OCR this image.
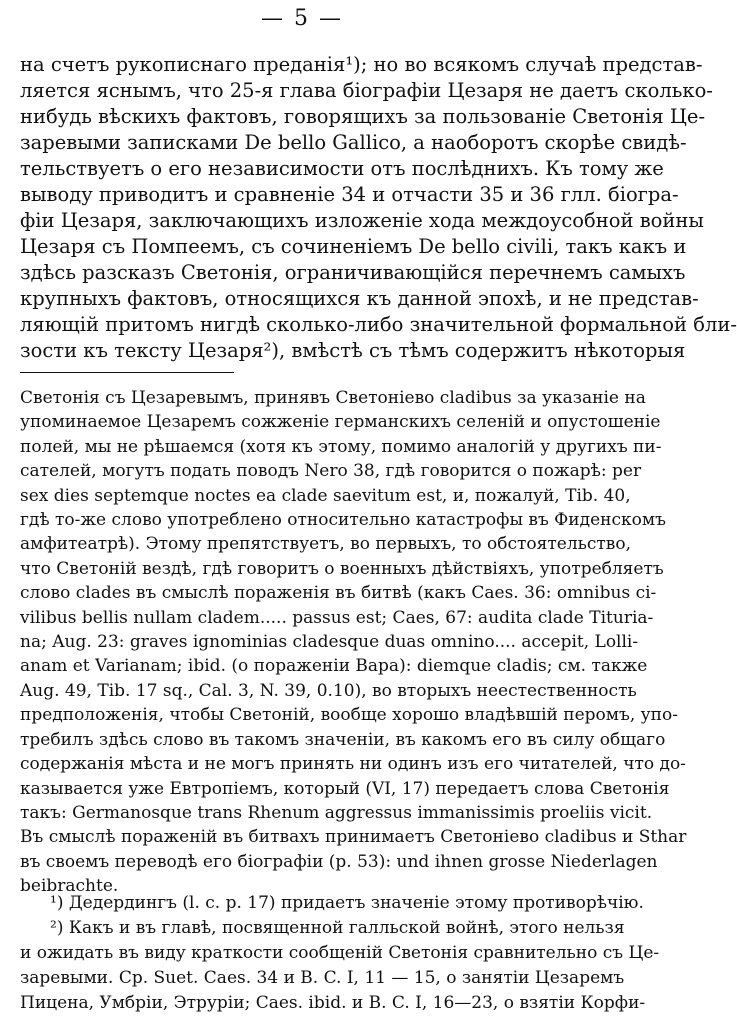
— 5 —
на счетъ рукописнаго преданія¹); но во всякомъ случаѣ представ-
ляется яснымъ, что 25-я глава біографіи Цезаря не даетъ сколько-
нибудь вѣскихъ фактовъ, говорящихъ за пользованіе Светонія Це-
заревыми записками De bello Gallico, а наоборотъ скорѣе свидѣ-
тельствуетъ о его независимости отъ послѣднихъ. Къ тому же
выводу приводитъ и сравненіе 34 и отчасти 35 и 36 глл. біогра-
фіи Цезаря, заключающихъ изложеніе хода междоусобной войны
Цезаря съ Помпеемъ, съ сочиненіемъ De bello civili, такъ какъ и
здѣсь разсказъ Светонія, ограничивающійся перечнемъ самыхъ
крупныхъ фактовъ, относящихся къ данной эпохѣ, и не представ-
ляющій притомъ нигдѣ сколько-либо значительной формальной бли-
зости къ тексту Цезаря²), вмѣстѣ съ тѣмъ содержитъ нѣкоторыя
Светонія съ Цезаревымъ, принявъ Светоніево cladibus за указаніе на
упоминаемое Цезаремъ сожженіе германскихъ селеній и опустошеніе
полей, мы не рѣшаемся (хотя къ этому, помимо аналогій у другихъ пи-
сателей, могутъ подать поводъ Nero 38, гдѣ говорится о пожарѣ: per
sex dies septemque noctes ea clade saevitum est, и, пожалуй, Tib. 40,
гдѣ то-же слово употреблено относительно катастрофы въ Фиденскомъ
амфитеатрѣ). Этому препятствуетъ, во первыхъ, то обстоятельство,
что Светоній вездѣ, гдѣ говоритъ о военныхъ дѣйствіяхъ, употребляетъ
слово clades въ смыслѣ пораженія въ битвѣ (какъ Caes. 36: omnibus ci-
vilibus bellis nullam cladem..... passus est; Caes, 67: audita clade Tituria-
na; Aug. 23: graves ignominias cladesque duas omnino.... accepit, Lolli-
anam et Varianam; ibid. (о пораженіи Вара): diemque cladis; см. также
Aug. 49, Tib. 17 sq., Cal. 3, N. 39, 0.10), во вторыхъ неестественность
предположенія, чтобы Светоній, вообще хорошо владѣвшій перомъ, упо-
требилъ здѣсь слово въ такомъ значеніи, въ какомъ его въ силу общаго
содержанія мѣста и не могъ принять ни одинъ изъ его читателей, что до-
казывается уже Евтропіемъ, который (VI, 17) передаетъ слова Светонія
такъ: Germanosque trans Rhenum aggressus immanissimis proeliis vicit.
Въ смыслѣ пораженій въ битвахъ принимаетъ Светоніево cladibus и Sthar
въ своемъ переводѣ его біографіи (p. 53): und ihnen grosse Niederlagen
beibrachte.
¹) Дедердингъ (l. c. p. 17) придаетъ значеніе этому противорѣчію.
²) Какъ и въ главѣ, посвященной галльской войнѣ, этого нельзя
и ожидать въ виду краткости сообщеній Светонія сравнительно съ Це-
заревыми. Ср. Suet. Caes. 34 и B. C. I, 11 — 15, о занятіи Цезаремъ
Пицена, Умбріи, Этруріи; Caes. ibid. и B. C. I, 16—23, о взятіи Корфи-
